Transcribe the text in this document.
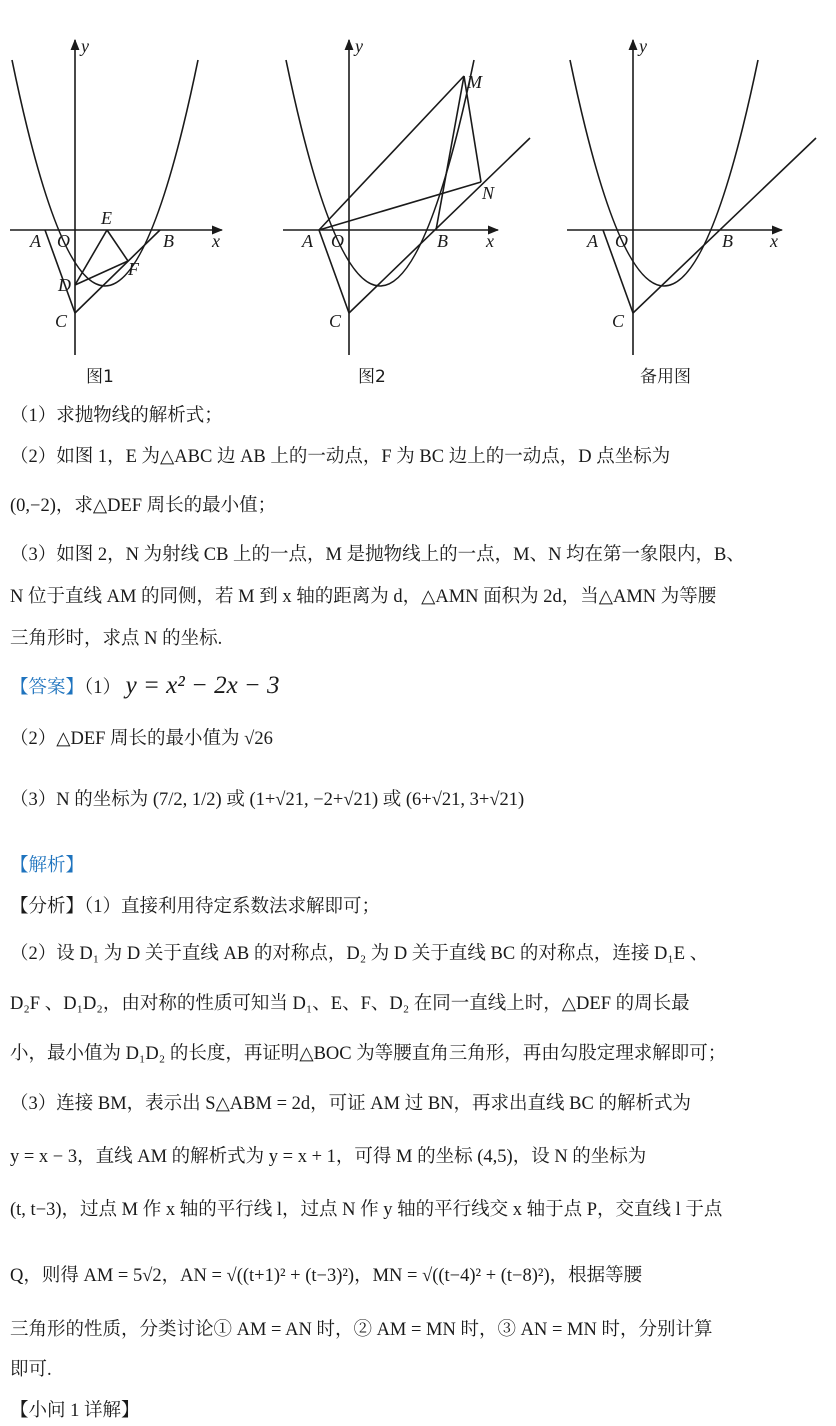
y
x
A O	B
C
D
E
F
y
x
A O	B
C
M
N
y
x
A O	B
C
图1	图2	备用图
（1）求抛物线的解析式；
（2）如图 1，E 为△ABC 边 AB 上的一动点，F 为 BC 边上的一动点，D 点坐标为
(0,−2)，求△DEF 周长的最小值；
（3）如图 2，N 为射线 CB 上的一点，M 是抛物线上的一点，M、N 均在第一象限内，B、
N 位于直线 AM 的同侧，若 M 到 x 轴的距离为 d，△AMN 面积为 2d，当△AMN 为等腰
三角形时，求点 N 的坐标.
【答案】（1） y = x² − 2x − 3
（2）△DEF 周长的最小值为 √26
（3）N 的坐标为 (7/2, 1/2) 或 (1+√21, −2+√21) 或 (6+√21, 3+√21)
【解析】
【分析】（1）直接利用待定系数法求解即可；
（2）设 D₁ 为 D 关于直线 AB 的对称点，D₂ 为 D 关于直线 BC 的对称点，连接 D₁E 、
D₂F 、D₁D₂，由对称的性质可知当 D₁、E、F、D₂ 在同一直线上时，△DEF 的周长最
小，最小值为 D₁D₂ 的长度，再证明△BOC 为等腰直角三角形，再由勾股定理求解即可；
（3）连接 BM，表示出 S△ABM = 2d，可证 AM 过 BN，再求出直线 BC 的解析式为
y = x − 3，直线 AM 的解析式为 y = x + 1，可得 M 的坐标 (4,5)，设 N 的坐标为
(t, t−3)，过点 M 作 x 轴的平行线 l，过点 N 作 y 轴的平行线交 x 轴于点 P，交直线 l 于点
Q，则得 AM = 5√2，AN = √((t+1)² + (t−3)²)，MN = √((t−4)² + (t−8)²)，根据等腰
三角形的性质，分类讨论① AM = AN 时，② AM = MN 时，③ AN = MN 时，分别计算
即可.
【小问 1 详解】
